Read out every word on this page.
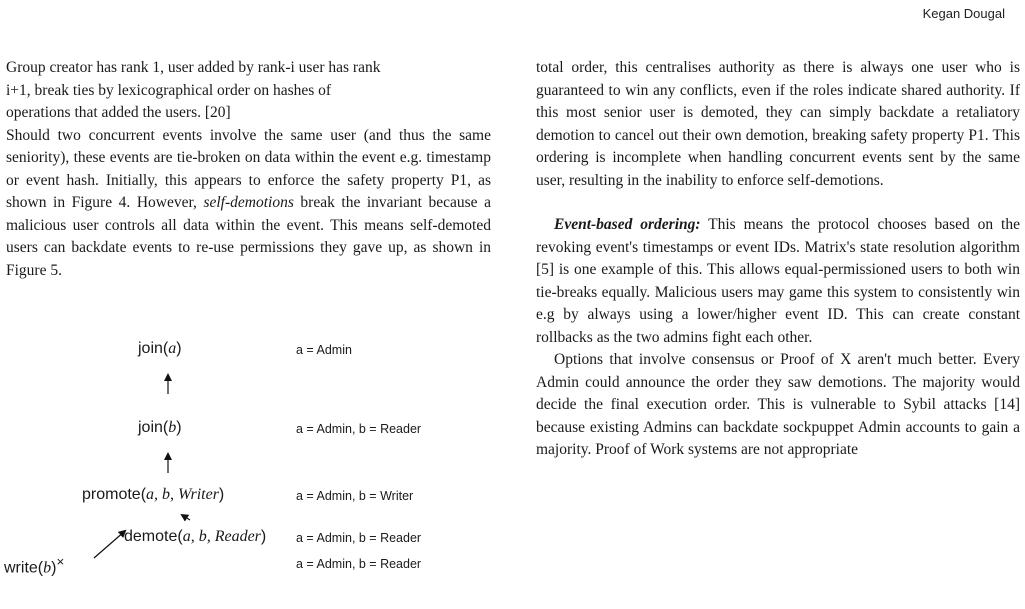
Kegan Dougal

Group creator has rank 1, user added by rank-i user has rank i+1, break ties by lexicographical order on hashes of operations that added the users. [20]

Should two concurrent events involve the same user (and thus the same seniority), these events are tie-broken on data within the event e.g. timestamp or event hash. Initially, this appears to enforce the safety property P1, as shown in Figure 4. However, self-demotions break the invariant because a malicious user controls all data within the event. This means self-demoted users can backdate events to re-use permissions they gave up, as shown in Figure 5.

join(a)
join(b)
promote(a, b, Writer)
demote(a, b, Reader)
write(b)×
a = Admin
a = Admin, b = Reader
a = Admin, b = Writer
a = Admin, b = Reader
a = Admin, b = Reader

total order, this centralises authority as there is always one user who is guaranteed to win any conflicts, even if the roles indicate shared authority. If this most senior user is demoted, they can simply backdate a retaliatory demotion to cancel out their own demotion, breaking safety property P1. This ordering is incomplete when handling concurrent events sent by the same user, resulting in the inability to enforce self-demotions.

Event-based ordering: This means the protocol chooses based on the revoking event's timestamps or event IDs. Matrix's state resolution algorithm [5] is one example of this. This allows equal-permissioned users to both win tie-breaks equally. Malicious users may game this system to consistently win e.g by always using a lower/higher event ID. This can create constant rollbacks as the two admins fight each other.

Options that involve consensus or Proof of X aren't much better. Every Admin could announce the order they saw demotions. The majority would decide the final execution order. This is vulnerable to Sybil attacks [14] because existing Admins can backdate sockpuppet Admin accounts to gain a majority. Proof of Work systems are not appropriate
